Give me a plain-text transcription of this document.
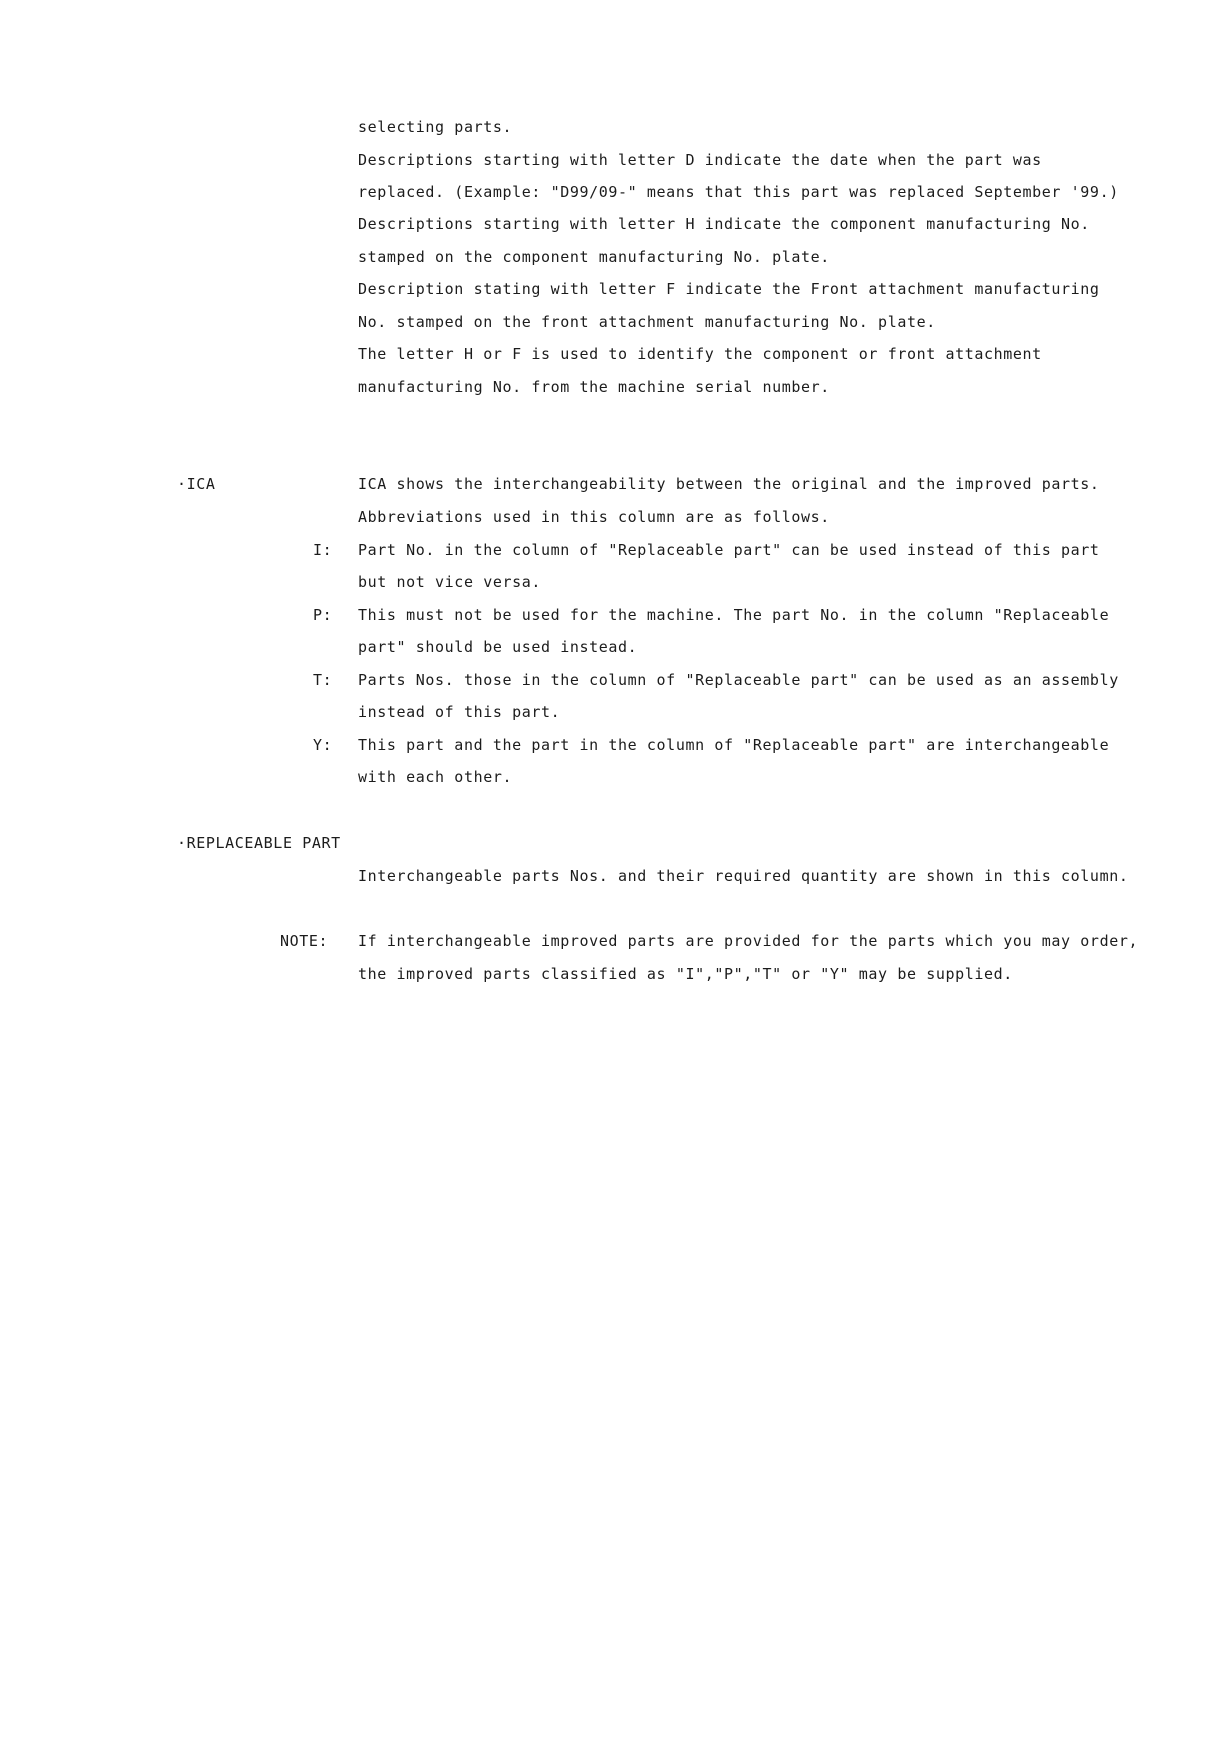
selecting parts.
Descriptions starting with letter D indicate the date when the part was
replaced. (Example: "D99/09-" means that this part was replaced September '99.)
Descriptions starting with letter H indicate the component manufacturing No.
stamped on the component manufacturing No. plate.
Description stating with letter F indicate the Front attachment manufacturing
No. stamped on the front attachment manufacturing No. plate.
The letter H or F is used to identify the component or front attachment
manufacturing No. from the machine serial number.
·ICA	ICA shows the interchangeability between the original and the improved parts.
Abbreviations used in this column are as follows.
I: Part No. in the column of "Replaceable part" can be used instead of this part
but not vice versa.
P: This must not be used for the machine. The part No. in the column "Replaceable
part" should be used instead.
T: Parts Nos. those in the column of "Replaceable part" can be used as an assembly
instead of this part.
Y: This part and the part in the column of "Replaceable part" are interchangeable
with each other.
·REPLACEABLE PART
Interchangeable parts Nos. and their required quantity are shown in this column.
NOTE: If interchangeable improved parts are provided for the parts which you may order,
the improved parts classified as "I","P","T" or "Y" may be supplied.
